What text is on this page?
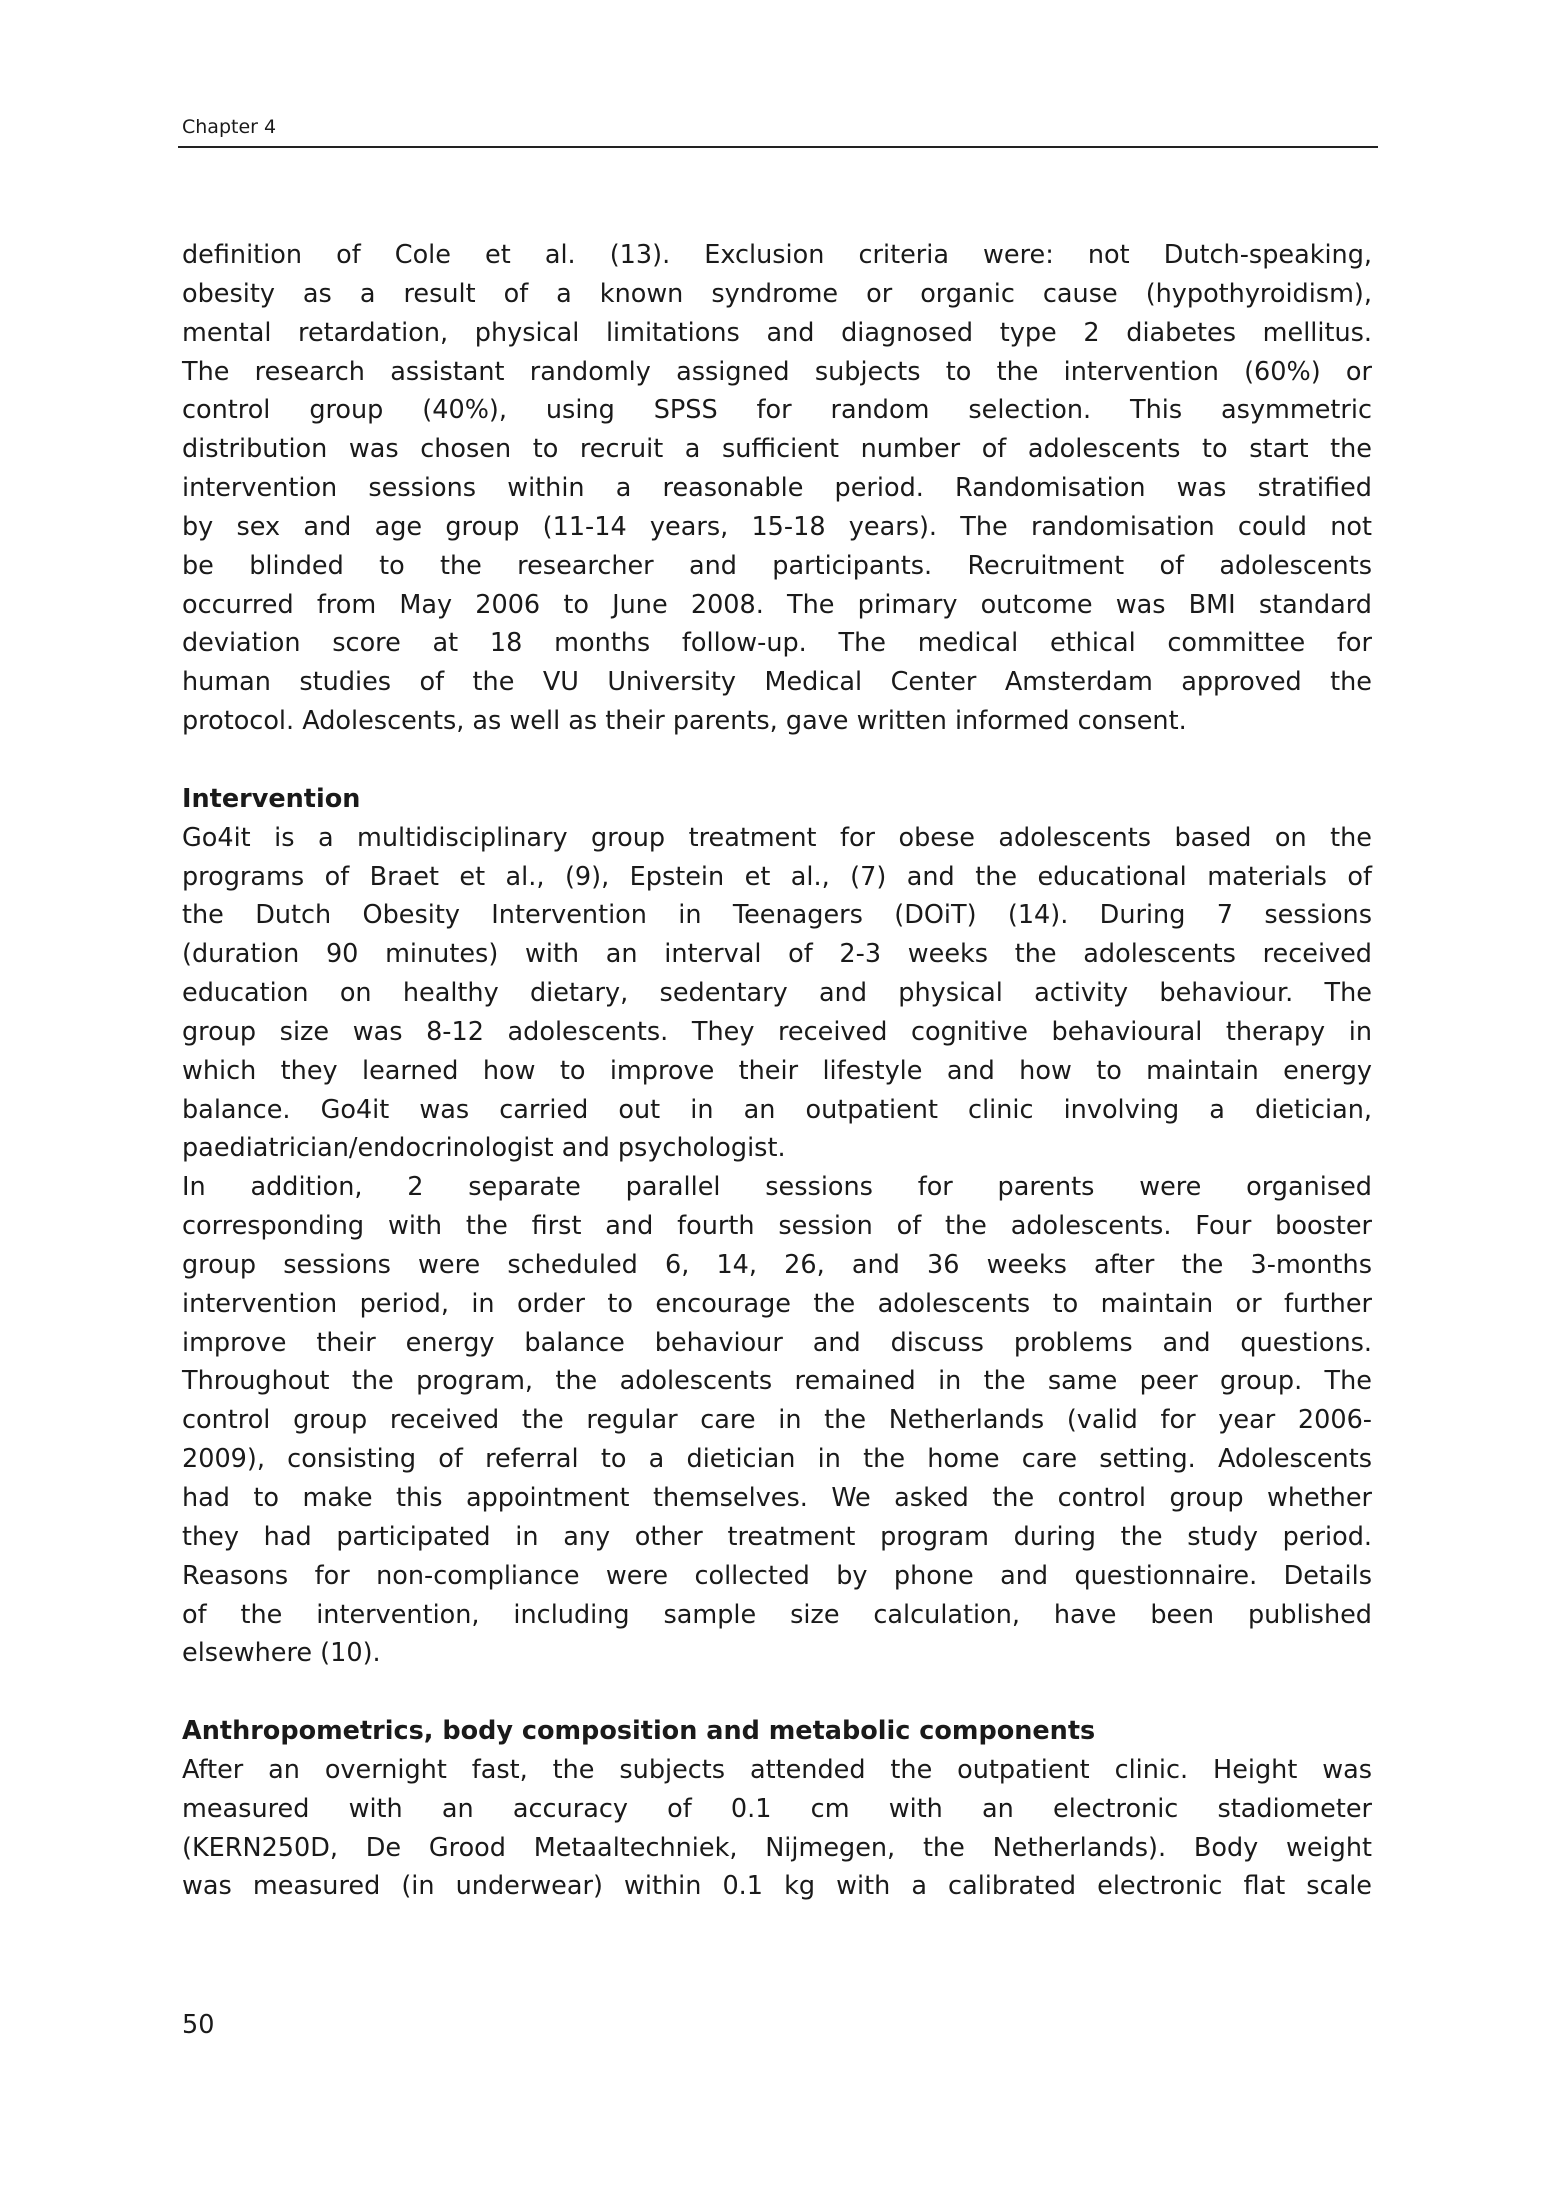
Chapter 4
definition of Cole et al. (13). Exclusion criteria were: not Dutch-speaking,
obesity as a result of a known syndrome or organic cause (hypothyroidism),
mental retardation, physical limitations and diagnosed type 2 diabetes mellitus.
The research assistant randomly assigned subjects to the intervention (60%) or
control group (40%), using SPSS for random selection. This asymmetric
distribution was chosen to recruit a sufficient number of adolescents to start the
intervention sessions within a reasonable period. Randomisation was stratified
by sex and age group (11-14 years, 15-18 years). The randomisation could not
be blinded to the researcher and participants. Recruitment of adolescents
occurred from May 2006 to June 2008. The primary outcome was BMI standard
deviation score at 18 months follow-up. The medical ethical committee for
human studies of the VU University Medical Center Amsterdam approved the
protocol. Adolescents, as well as their parents, gave written informed consent.
Intervention
Go4it is a multidisciplinary group treatment for obese adolescents based on the
programs of Braet et al., (9), Epstein et al., (7) and the educational materials of
the Dutch Obesity Intervention in Teenagers (DOiT) (14). During 7 sessions
(duration 90 minutes) with an interval of 2-3 weeks the adolescents received
education on healthy dietary, sedentary and physical activity behaviour. The
group size was 8-12 adolescents. They received cognitive behavioural therapy in
which they learned how to improve their lifestyle and how to maintain energy
balance. Go4it was carried out in an outpatient clinic involving a dietician,
paediatrician/endocrinologist and psychologist.
In addition, 2 separate parallel sessions for parents were organised
corresponding with the first and fourth session of the adolescents. Four booster
group sessions were scheduled 6, 14, 26, and 36 weeks after the 3-months
intervention period, in order to encourage the adolescents to maintain or further
improve their energy balance behaviour and discuss problems and questions.
Throughout the program, the adolescents remained in the same peer group. The
control group received the regular care in the Netherlands (valid for year 2006-
2009), consisting of referral to a dietician in the home care setting. Adolescents
had to make this appointment themselves. We asked the control group whether
they had participated in any other treatment program during the study period.
Reasons for non-compliance were collected by phone and questionnaire. Details
of the intervention, including sample size calculation, have been published
elsewhere (10).
Anthropometrics, body composition and metabolic components
After an overnight fast, the subjects attended the outpatient clinic. Height was
measured with an accuracy of 0.1 cm with an electronic stadiometer
(KERN250D, De Grood Metaaltechniek, Nijmegen, the Netherlands). Body weight
was measured (in underwear) within 0.1 kg with a calibrated electronic flat scale
50
